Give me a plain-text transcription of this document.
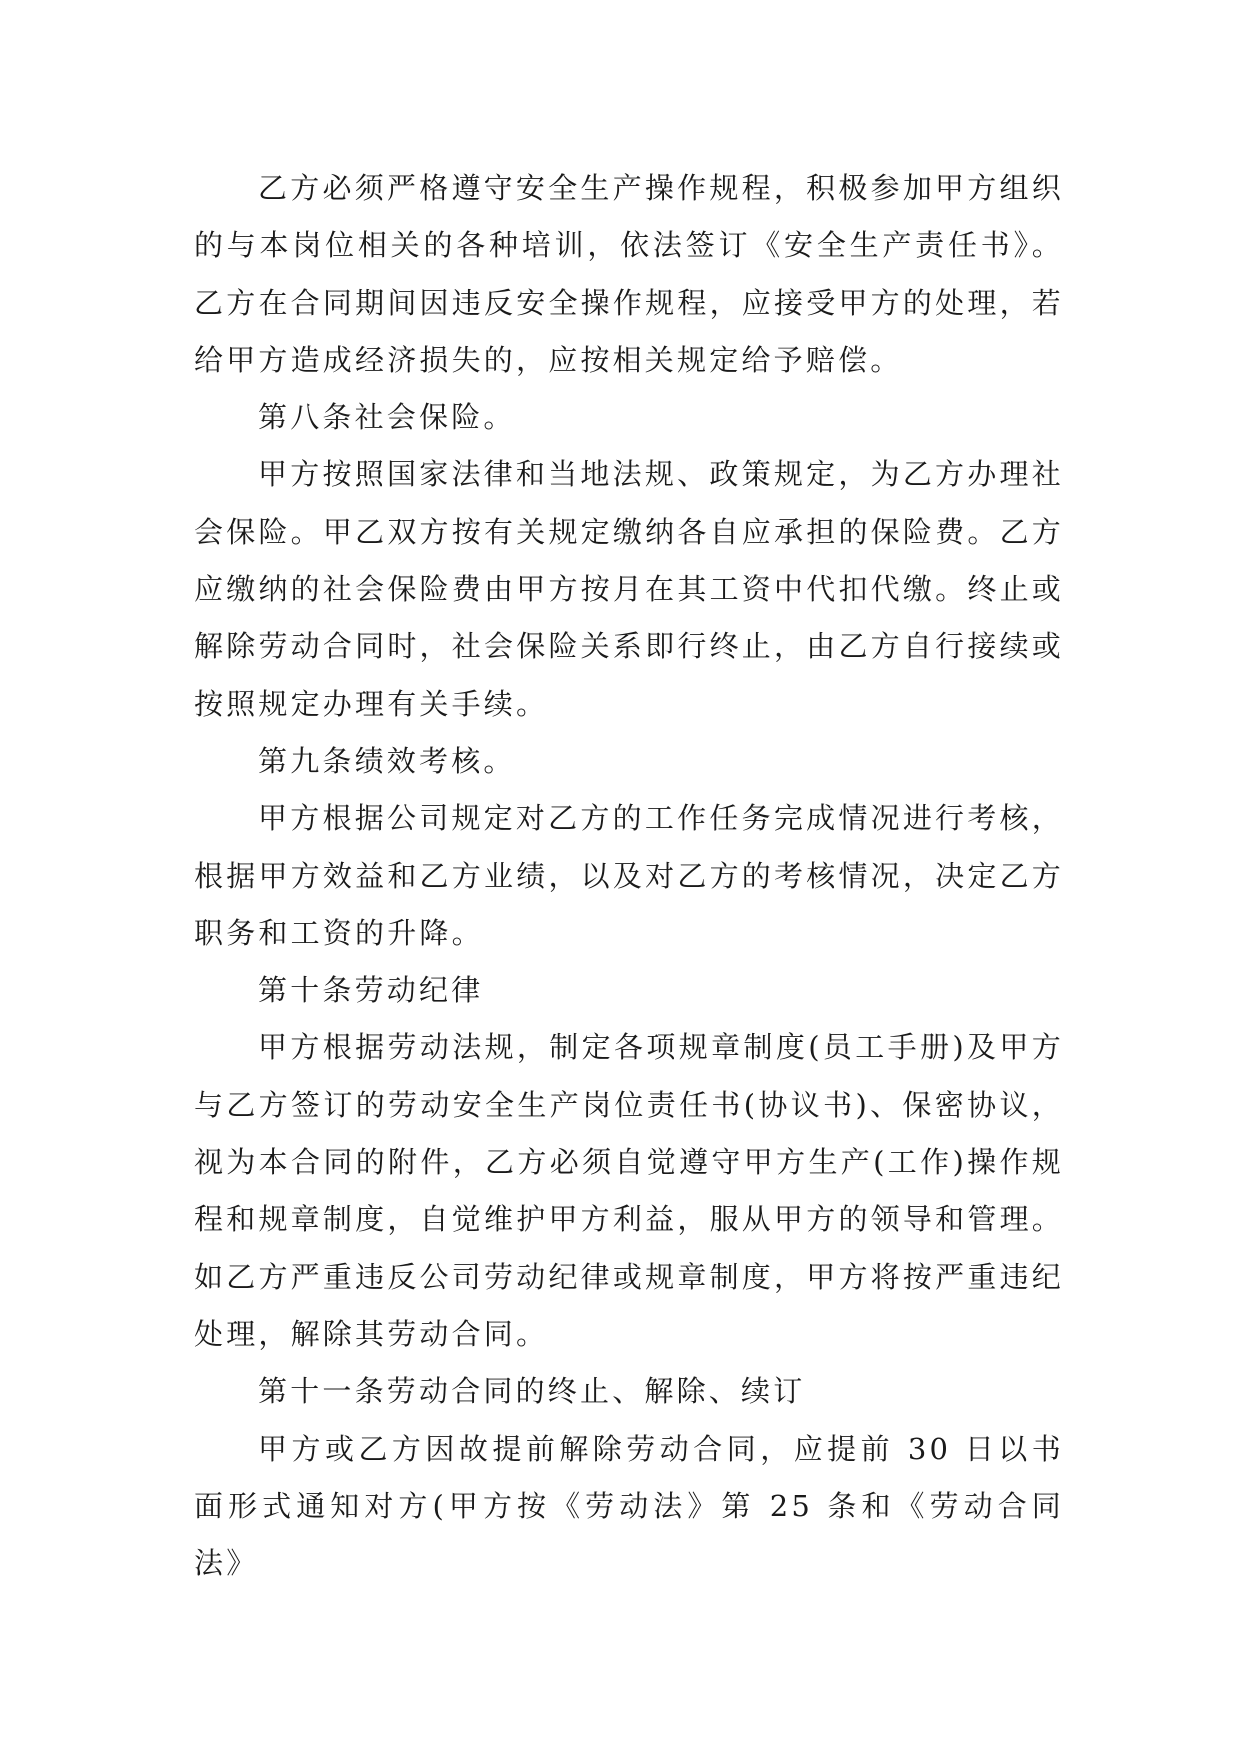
乙方必须严格遵守安全生产操作规程，积极参加甲方组织的与本岗位相关的各种培训，依法签订《安全生产责任书》。乙方在合同期间因违反安全操作规程，应接受甲方的处理，若给甲方造成经济损失的，应按相关规定给予赔偿。

第八条社会保险。

甲方按照国家法律和当地法规、政策规定，为乙方办理社会保险。甲乙双方按有关规定缴纳各自应承担的保险费。乙方应缴纳的社会保险费由甲方按月在其工资中代扣代缴。终止或解除劳动合同时，社会保险关系即行终止，由乙方自行接续或按照规定办理有关手续。

第九条绩效考核。

甲方根据公司规定对乙方的工作任务完成情况进行考核，根据甲方效益和乙方业绩，以及对乙方的考核情况，决定乙方职务和工资的升降。

第十条劳动纪律

甲方根据劳动法规，制定各项规章制度(员工手册)及甲方与乙方签订的劳动安全生产岗位责任书(协议书)、保密协议，视为本合同的附件，乙方必须自觉遵守甲方生产(工作)操作规程和规章制度，自觉维护甲方利益，服从甲方的领导和管理。如乙方严重违反公司劳动纪律或规章制度，甲方将按严重违纪处理，解除其劳动合同。

第十一条劳动合同的终止、解除、续订

甲方或乙方因故提前解除劳动合同，应提前 30 日以书面形式通知对方(甲方按《劳动法》第 25 条和《劳动合同法》
